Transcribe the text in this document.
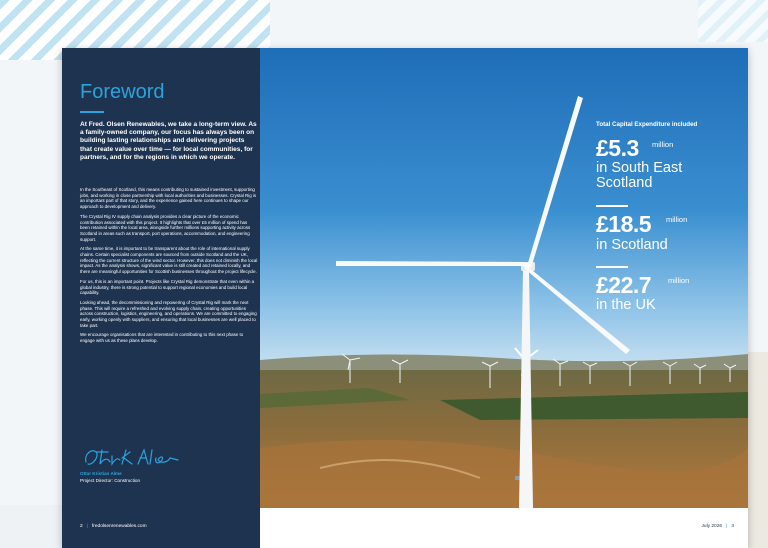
Foreword
At Fred. Olsen Renewables, we take a long-term view. As a family-owned company, our focus has always been on building lasting relationships and delivering projects that create value over time — for local communities, for partners, and for the regions in which we operate.

In the Southeast of Scotland, this means contributing to sustained investment, supporting jobs, and working in close partnership with local authorities and businesses. Crystal Rig is an important part of that story, and the experience gained here continues to shape our approach to development and delivery.

The Crystal Rig IV supply chain analysis provides a clear picture of the economic contribution associated with this project. It highlights that over £5 million of spend has been retained within the local area, alongside further millions supporting activity across Scotland in areas such as transport, port operations, accommodation, and engineering support.

At the same time, it is important to be transparent about the role of international supply chains. Certain specialist components are sourced from outside Scotland and the UK, reflecting the current structure of the wind sector. However, this does not diminish the local impact. As the analysis shows, significant value is still created and retained locally, and there are meaningful opportunities for Scottish businesses throughout the project lifecycle.

For us, this is an important point. Projects like Crystal Rig demonstrate that even within a global industry, there is strong potential to support regional economies and build local capability.

Looking ahead, the decommissioning and repowering of Crystal Rig will mark the next phase. This will require a refreshed and evolving supply chain, creating opportunities across construction, logistics, engineering, and operations. We are committed to engaging early, working openly with suppliers, and ensuring that local businesses are well placed to take part.

We encourage organisations that are interested in contributing to this next phase to engage with us as these plans develop.

Ottar Kristian Alme
Project Director: Construction
2 | fredolsenrenewables.com
Total Capital Expenditure included
£5.3 million
in South East
Scotland
£18.5 million
in Scotland
£22.7 million
in the UK
July 2026 | 3
